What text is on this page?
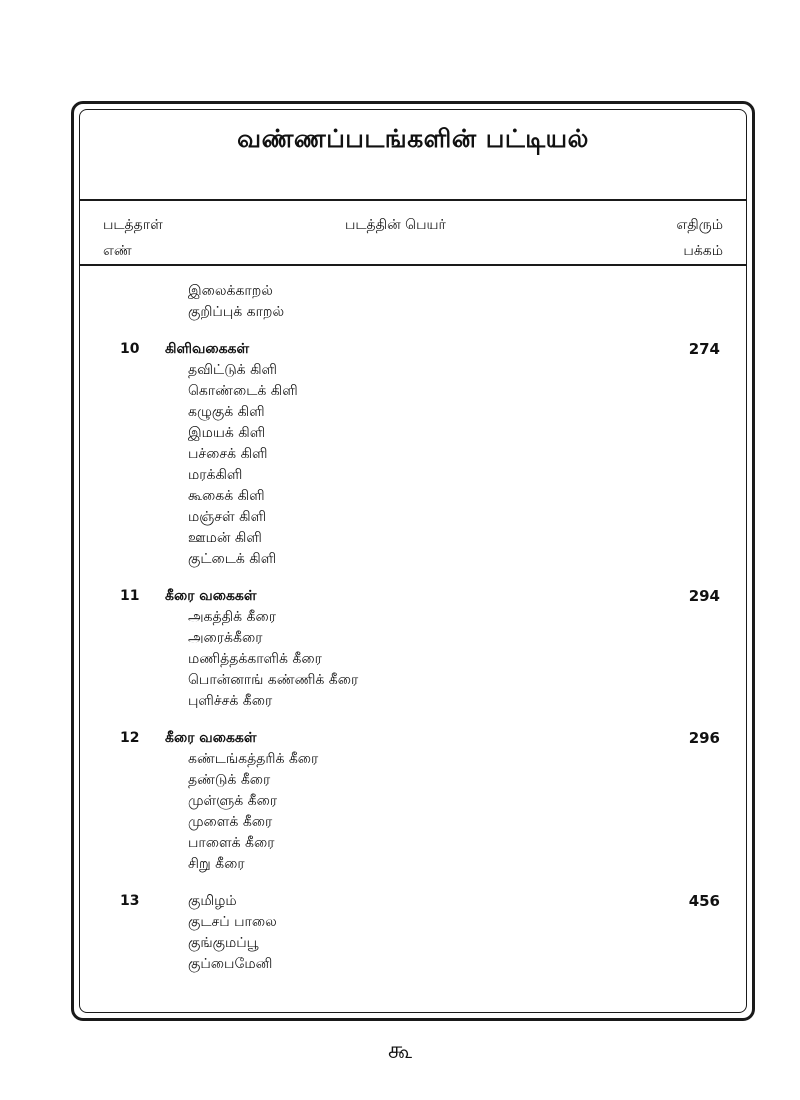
வண்ணப்படங்களின் பட்டியல்
படத்தாள்
எண்
படத்தின் பெயர்	எதிரும்
பக்கம்
இலைக்காறல்
குறிப்புக் காறல்
10 கிளிவகைகள்	274
தவிட்டுக் கிளி
கொண்டைக் கிளி
கழுகுக் கிளி
இமயக் கிளி
பச்சைக் கிளி
மரக்கிளி
கூகைக் கிளி
மஞ்சள் கிளி
ஊமன் கிளி
குட்டைக் கிளி
11 கீரை வகைகள்	294
அகத்திக் கீரை
அரைக்கீரை
மணித்தக்காளிக் கீரை
பொன்னாங் கண்ணிக் கீரை
புளிச்சக் கீரை
12 கீரை வகைகள்	296
கண்டங்கத்தரிக் கீரை
தண்டுக் கீரை
முள்ளுக் கீரை
முளைக் கீரை
பாளைக் கீரை
சிறு கீரை
13	குமிழம்	456
குடசப் பாலை
குங்குமப்பூ
குப்பைமேனி
கூ
